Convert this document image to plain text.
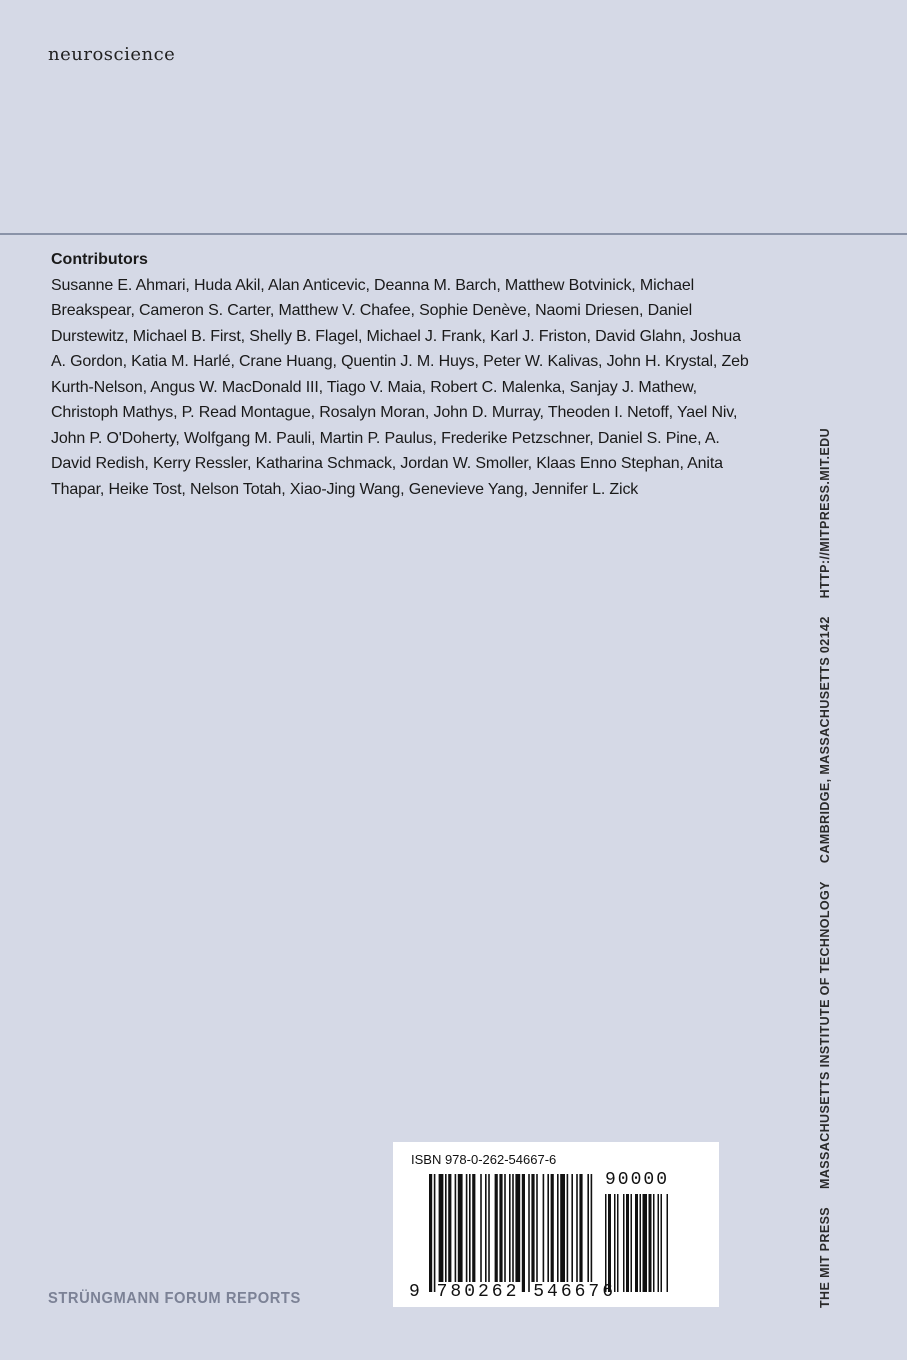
neuroscience
Contributors
Susanne E. Ahmari, Huda Akil, Alan Anticevic, Deanna M. Barch, Matthew Botvinick, Michael Breakspear, Cameron S. Carter, Matthew V. Chafee, Sophie Denève, Naomi Driesen, Daniel Durstewitz, Michael B. First, Shelly B. Flagel, Michael J. Frank, Karl J. Friston, David Glahn, Joshua A. Gordon, Katia M. Harlé, Crane Huang, Quentin J. M. Huys, Peter W. Kalivas, John H. Krystal, Zeb Kurth-Nelson, Angus W. MacDonald III, Tiago V. Maia, Robert C. Malenka, Sanjay J. Mathew, Christoph Mathys, P. Read Montague, Rosalyn Moran, John D. Murray, Theoden I. Netoff, Yael Niv, John P. O'Doherty, Wolfgang M. Pauli, Martin P. Paulus, Frederike Petzschner, Daniel S. Pine, A. David Redish, Kerry Ressler, Katharina Schmack, Jordan W. Smoller, Klaas Enno Stephan, Anita Thapar, Heike Tost, Nelson Totah, Xiao-Jing Wang, Genevieve Yang, Jennifer L. Zick
STRÜNGMANN FORUM REPORTS	THE MIT PRESS
MASSACHUSETTS INSTITUTE OF TECHNOLOGY
CAMBRIDGE, MASSACHUSETTS 02142
HTTP://MITPRESS.MIT.EDU
ISBN 978-0-262-54667-6
90000
9 780262 546676
